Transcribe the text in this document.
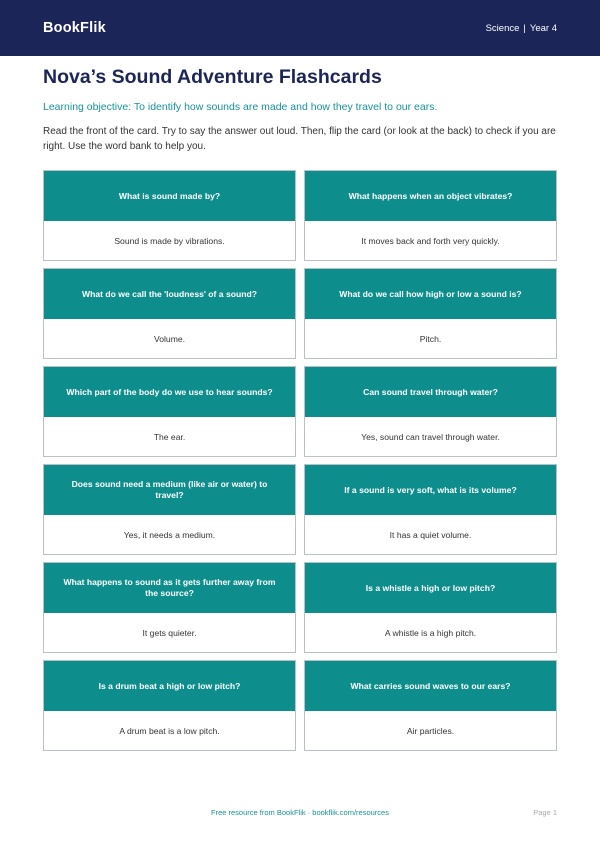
BookFlik	Science | Year 4
Nova’s Sound Adventure Flashcards

Learning objective: To identify how sounds are made and how they travel to our ears.

Read the front of the card. Try to say the answer out loud. Then, flip the card (or look at the back) to check if you are right. Use the word bank to help you.

What is sound made by?
Sound is made by vibrations.
What happens when an object vibrates?
It moves back and forth very quickly.
What do we call the 'loudness' of a sound?
Volume.
What do we call how high or low a sound is?
Pitch.
Which part of the body do we use to hear sounds?
The ear.
Can sound travel through water?
Yes, sound can travel through water.
Does sound need a medium (like air or water) to travel?
Yes, it needs a medium.
If a sound is very soft, what is its volume?
It has a quiet volume.
What happens to sound as it gets further away from the source?
It gets quieter.
Is a whistle a high or low pitch?
A whistle is a high pitch.
Is a drum beat a high or low pitch?
A drum beat is a low pitch.
What carries sound waves to our ears?
Air particles.
Free resource from BookFlik · bookflik.com/resources	Page 1
